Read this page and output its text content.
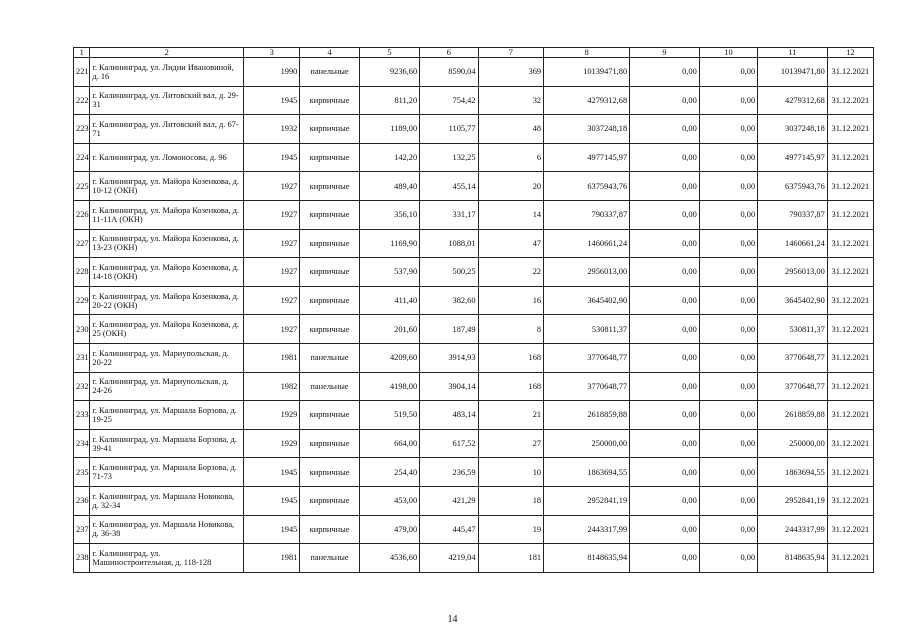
1	2	3	4	5	6	7	8	9	10	11	12
221	г. Калининград, ул. Лидии Ивановиной, д. 16	1990	панельные	9236,60	8590,04	369	10139471,80	0,00	0,00	10139471,80	31.12.2021
222	г. Калининград, ул. Литовский вал, д. 29-31	1945	кирпичные	811,20	754,42	32	4279312,68	0,00	0,00	4279312,68	31.12.2021
223	г. Калининград, ул. Литовский вал, д. 67-71	1932	кирпичные	1189,00	1105,77	48	3037248,18	0,00	0,00	3037248,18	31.12.2021
224	г. Калининград, ул. Ломоносова, д. 96	1945	кирпичные	142,20	132,25	6	4977145,97	0,00	0,00	4977145,97	31.12.2021
225	г. Калининград, ул. Майора Козенкова, д. 10-12 (ОКН)	1927	кирпичные	489,40	455,14	20	6375943,76	0,00	0,00	6375943,76	31.12.2021
226	г. Калининград, ул. Майора Козенкова, д. 11-11А (ОКН)	1927	кирпичные	356,10	331,17	14	790337,87	0,00	0,00	790337,87	31.12.2021
227	г. Калининград, ул. Майора Козенкова, д. 13-23 (ОКН)	1927	кирпичные	1169,90	1088,01	47	1460661,24	0,00	0,00	1460661,24	31.12.2021
228	г. Калининград, ул. Майора Козенкова, д. 14-18 (ОКН)	1927	кирпичные	537,90	500,25	22	2956013,00	0,00	0,00	2956013,00	31.12.2021
229	г. Калининград, ул. Майора Козенкова, д. 20-22 (ОКН)	1927	кирпичные	411,40	382,60	16	3645402,90	0,00	0,00	3645402,90	31.12.2021
230	г. Калининград, ул. Майора Козенкова, д. 25 (ОКН)	1927	кирпичные	201,60	187,49	8	530811,37	0,00	0,00	530811,37	31.12.2021
231	г. Калининград, ул. Мариупольская, д. 20-22	1981	панельные	4209,60	3914,93	168	3770648,77	0,00	0,00	3770648,77	31.12.2021
232	г. Калининград, ул. Мариупольская, д. 24-26	1982	панельные	4198,00	3904,14	168	3770648,77	0,00	0,00	3770648,77	31.12.2021
233	г. Калининград, ул. Маршала Борзова, д. 19-25	1929	кирпичные	519,50	483,14	21	2618859,88	0,00	0,00	2618859,88	31.12.2021
234	г. Калининград, ул. Маршала Борзова, д. 39-41	1929	кирпичные	664,00	617,52	27	250000,00	0,00	0,00	250000,00	31.12.2021
235	г. Калининград, ул. Маршала Борзова, д. 71-73	1945	кирпичные	254,40	236,59	10	1863694,55	0,00	0,00	1863694,55	31.12.2021
236	г. Калининград, ул. Маршала Новикова, д. 32-34	1945	кирпичные	453,00	421,29	18	2952841,19	0,00	0,00	2952841,19	31.12.2021
237	г. Калининград, ул. Маршала Новикова, д. 36-38	1945	кирпичные	479,00	445,47	19	2443317,99	0,00	0,00	2443317,99	31.12.2021
238	г. Калининград, ул. Машиностроительная, д. 118-128	1981	панельные	4536,60	4219,04	181	8148635,94	0,00	0,00	8148635,94	31.12.2021
14
